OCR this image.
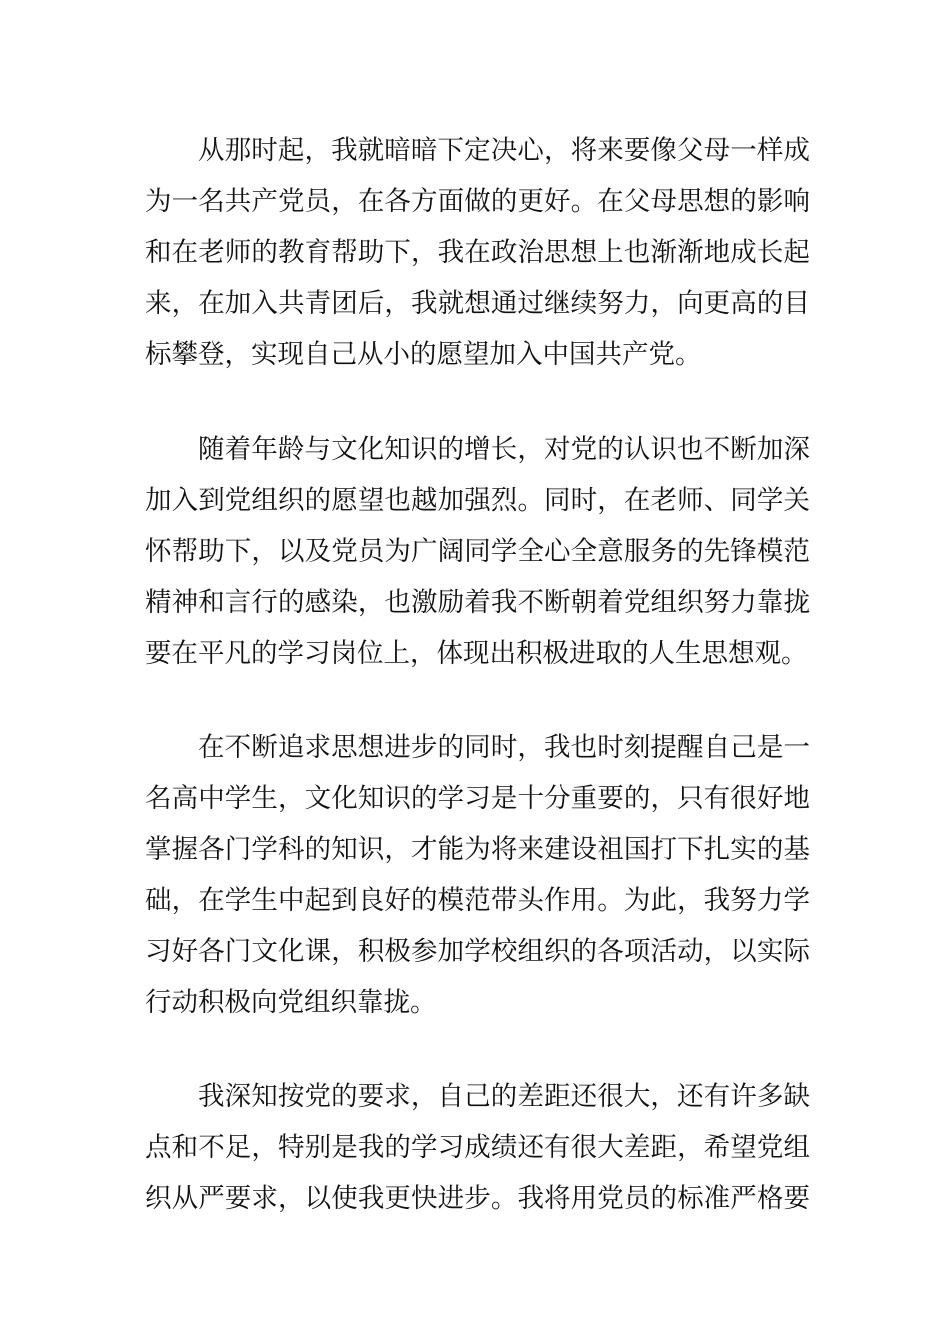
从那时起，我就暗暗下定决心，将来要像父母一样成
为一名共产党员，在各方面做的更好。在父母思想的影响
和在老师的教育帮助下，我在政治思想上也渐渐地成长起
来，在加入共青团后，我就想通过继续努力，向更高的目
标攀登，实现自己从小的愿望加入中国共产党。
随着年龄与文化知识的增长，对党的认识也不断加深
加入到党组织的愿望也越加强烈。同时，在老师、同学关
怀帮助下，以及党员为广阔同学全心全意服务的先锋模范
精神和言行的感染，也激励着我不断朝着党组织努力靠拢
要在平凡的学习岗位上，体现出积极进取的人生思想观。
在不断追求思想进步的同时，我也时刻提醒自己是一
名高中学生，文化知识的学习是十分重要的，只有很好地
掌握各门学科的知识，才能为将来建设祖国打下扎实的基
础，在学生中起到良好的模范带头作用。为此，我努力学
习好各门文化课，积极参加学校组织的各项活动，以实际
行动积极向党组织靠拢。
我深知按党的要求，自己的差距还很大，还有许多缺
点和不足，特别是我的学习成绩还有很大差距，希望党组
织从严要求，以使我更快进步。我将用党员的标准严格要
